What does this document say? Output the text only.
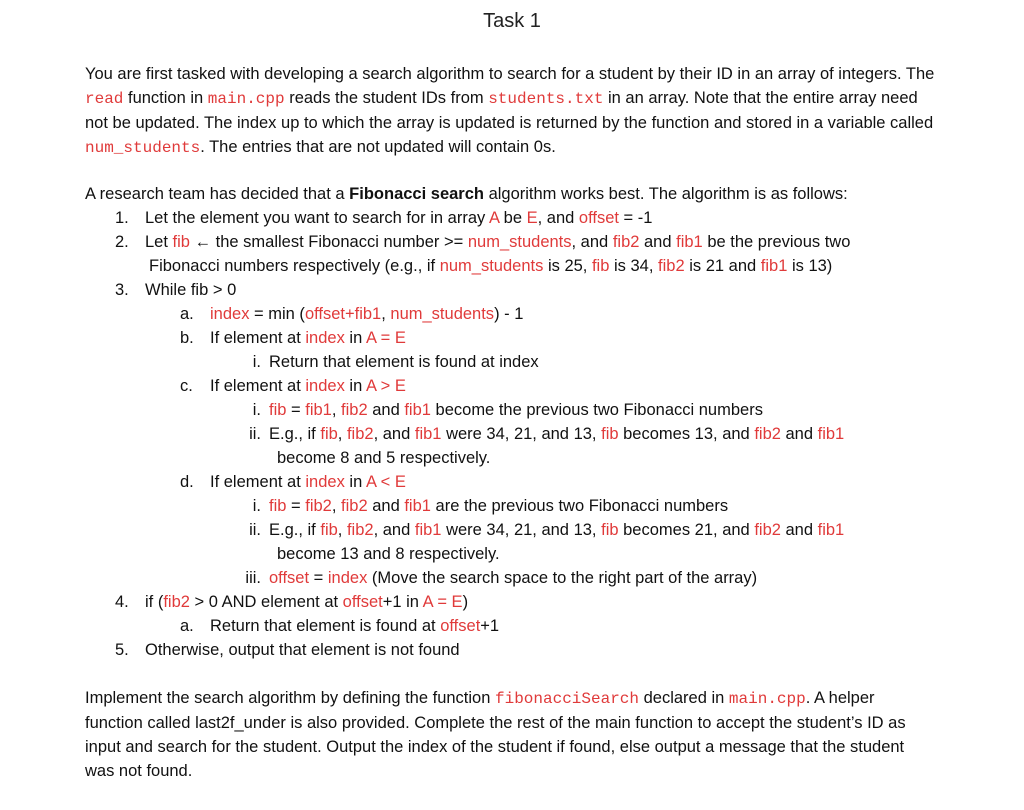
Task 1
You are first tasked with developing a search algorithm to search for a student by their ID in an array of integers. The read function in main.cpp reads the student IDs from students.txt in an array. Note that the entire array need not be updated. The index up to which the array is updated is returned by the function and stored in a variable called num_students. The entries that are not updated will contain 0s.
A research team has decided that a Fibonacci search algorithm works best. The algorithm is as follows:
1. Let the element you want to search for in array A be E, and offset = -1
2. Let fib ← the smallest Fibonacci number >= num_students, and fib2 and fib1 be the previous two
Fibonacci numbers respectively (e.g., if num_students is 25, fib is 34, fib2 is 21 and fib1 is 13)
3. While fib > 0
a. index = min (offset+fib1, num_students) - 1
b. If element at index in A = E
i. Return that element is found at index
c. If element at index in A > E
i. fib = fib1, fib2 and fib1 become the previous two Fibonacci numbers
ii. E.g., if fib, fib2, and fib1 were 34, 21, and 13, fib becomes 13, and fib2 and fib1
become 8 and 5 respectively.
d. If element at index in A < E
i. fib = fib2, fib2 and fib1 are the previous two Fibonacci numbers
ii. E.g., if fib, fib2, and fib1 were 34, 21, and 13, fib becomes 21, and fib2 and fib1
become 13 and 8 respectively.
iii. offset = index (Move the search space to the right part of the array)
4. if (fib2 > 0 AND element at offset+1 in A = E)
a. Return that element is found at offset+1
5. Otherwise, output that element is not found
Implement the search algorithm by defining the function fibonacciSearch declared in main.cpp. A helper function called last2f_under is also provided. Complete the rest of the main function to accept the student’s ID as input and search for the student. Output the index of the student if found, else output a message that the student was not found.
